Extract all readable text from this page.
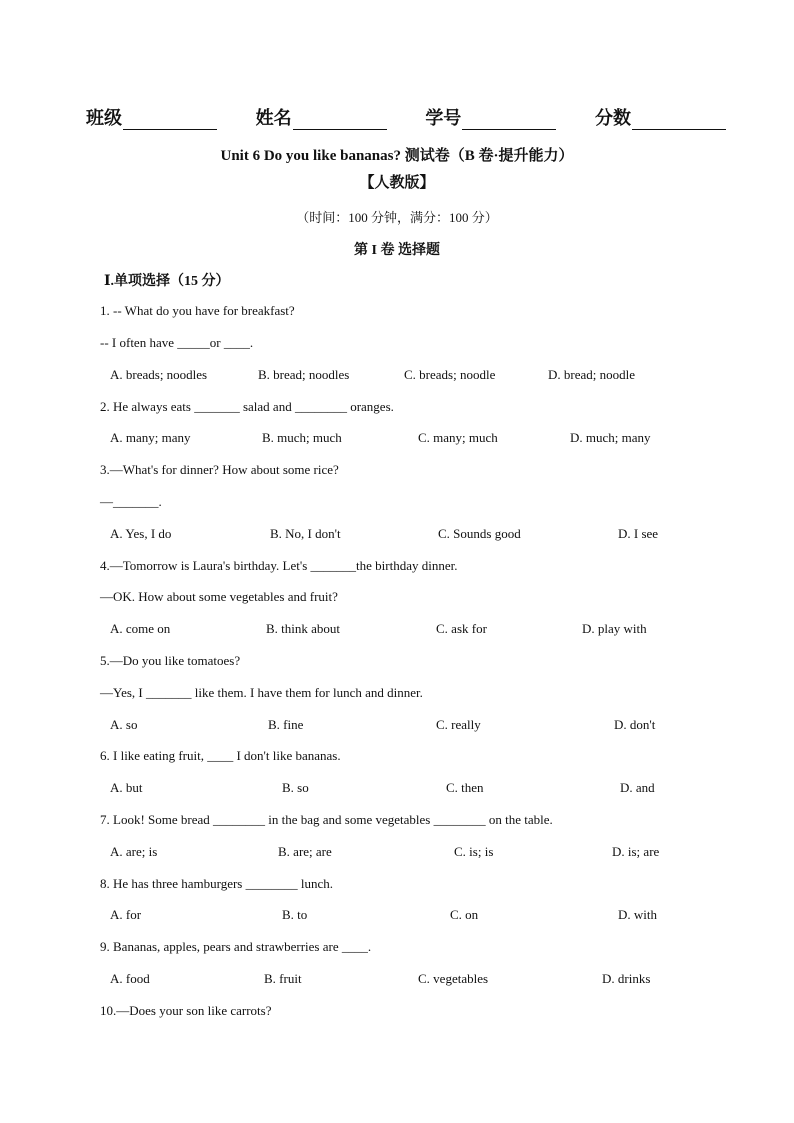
班级	姓名	学号	分数
Unit 6 Do you like bananas? 测试卷（B 卷·提升能力）
【人教版】
（时间：100 分钟，满分：100 分）
第 I 卷 选择题
Ⅰ.单项选择（15 分）
1. -- What do you have for breakfast?
-- I often have _____or ____.
A. breads; noodles	B. bread; noodles	C. breads; noodle	D. bread; noodle
2. He always eats _______ salad and ________ oranges.
A. many; many	B. much; much	C. many; much	D. much; many
3.—What's for dinner? How about some rice?
—_______.
A. Yes, I do	B. No, I don't	C. Sounds good	D. I see
4.—Tomorrow is Laura's birthday. Let's _______the birthday dinner.
—OK. How about some vegetables and fruit?
A. come on	B. think about	C. ask for	D. play with
5.—Do you like tomatoes?
—Yes, I _______ like them. I have them for lunch and dinner.
A. so	B. fine	C. really	D. don't
6. I like eating fruit, ____ I don't like bananas.
A. but	B. so	C. then	D. and
7. Look! Some bread ________ in the bag and some vegetables ________ on the table.
A. are; is	B. are; are	C. is; is	D. is; are
8. He has three hamburgers ________ lunch.
A. for	B. to	C. on	D. with
9. Bananas, apples, pears and strawberries are ____.
A. food	B. fruit	C. vegetables	D. drinks
10.—Does your son like carrots?
